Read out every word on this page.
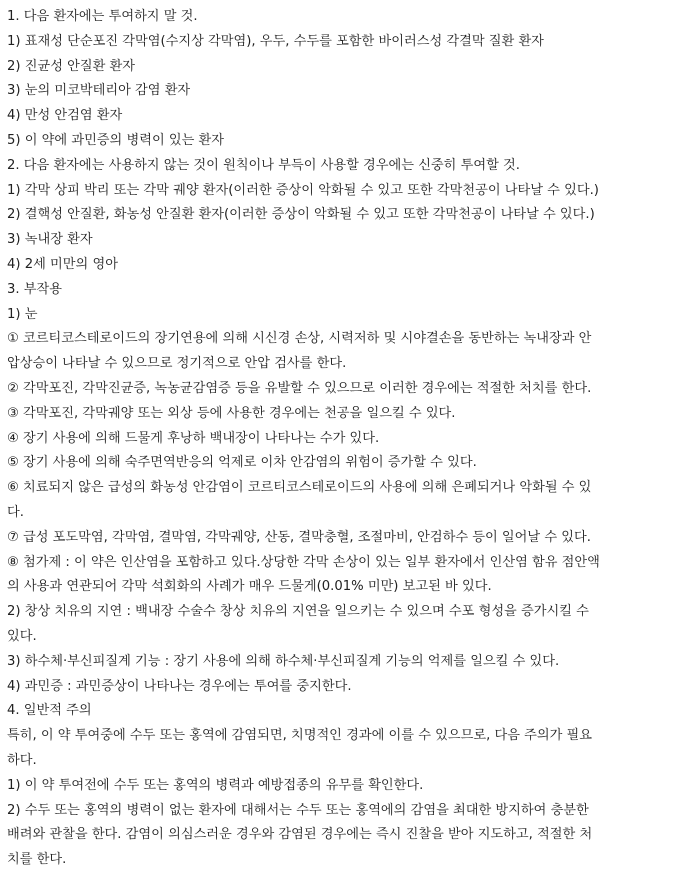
1. 다음 환자에는 투여하지 말 것.
1) 표재성 단순포진 각막염(수지상 각막염), 우두, 수두를 포함한 바이러스성 각결막 질환 환자
2) 진균성 안질환 환자
3) 눈의 미코박테리아 감염 환자
4) 만성 안검염 환자
5) 이 약에 과민증의 병력이 있는 환자
2. 다음 환자에는 사용하지 않는 것이 원칙이나 부득이 사용할 경우에는 신중히 투여할 것.
1) 각막 상피 박리 또는 각막 궤양 환자(이러한 증상이 악화될 수 있고 또한 각막천공이 나타날 수 있다.)
2) 결핵성 안질환, 화농성 안질환 환자(이러한 증상이 악화될 수 있고 또한 각막천공이 나타날 수 있다.)
3) 녹내장 환자
4) 2세 미만의 영아
3. 부작용
1) 눈
① 코르티코스테로이드의 장기연용에 의해 시신경 손상, 시력저하 및 시야결손을 동반하는 녹내장과 안
압상승이 나타날 수 있으므로 정기적으로 안압 검사를 한다.
② 각막포진, 각막진균증, 녹농균감염증 등을 유발할 수 있으므로 이러한 경우에는 적절한 처치를 한다.
③ 각막포진, 각막궤양 또는 외상 등에 사용한 경우에는 천공을 일으킬 수 있다.
④ 장기 사용에 의해 드물게 후낭하 백내장이 나타나는 수가 있다.
⑤ 장기 사용에 의해 숙주면역반응의 억제로 이차 안감염의 위험이 증가할 수 있다.
⑥ 치료되지 않은 급성의 화농성 안감염이 코르티코스테로이드의 사용에 의해 은폐되거나 악화될 수 있
다.
⑦ 급성 포도막염, 각막염, 결막염, 각막궤양, 산동, 결막충혈, 조절마비, 안검하수 등이 일어날 수 있다.
⑧ 첨가제 : 이 약은 인산염을 포함하고 있다.상당한 각막 손상이 있는 일부 환자에서 인산염 함유 점안액
의 사용과 연관되어 각막 석회화의 사례가 매우 드물게(0.01% 미만) 보고된 바 있다.
2) 창상 치유의 지연 : 백내장 수술수 창상 치유의 지연을 일으키는 수 있으며 수포 형성을 증가시킬 수
있다.
3) 하수체·부신피질계 기능 : 장기 사용에 의해 하수체·부신피질계 기능의 억제를 일으킬 수 있다.
4) 과민증 : 과민증상이 나타나는 경우에는 투여를 중지한다.
4. 일반적 주의
특히, 이 약 투여중에 수두 또는 홍역에 감염되면, 치명적인 경과에 이를 수 있으므로, 다음 주의가 필요
하다.
1) 이 약 투여전에 수두 또는 홍역의 병력과 예방접종의 유무를 확인한다.
2) 수두 또는 홍역의 병력이 없는 환자에 대해서는 수두 또는 홍역에의 감염을 최대한 방지하여 충분한
배려와 관찰을 한다. 감염이 의심스러운 경우와 감염된 경우에는 즉시 진찰을 받아 지도하고, 적절한 처
치를 한다.
